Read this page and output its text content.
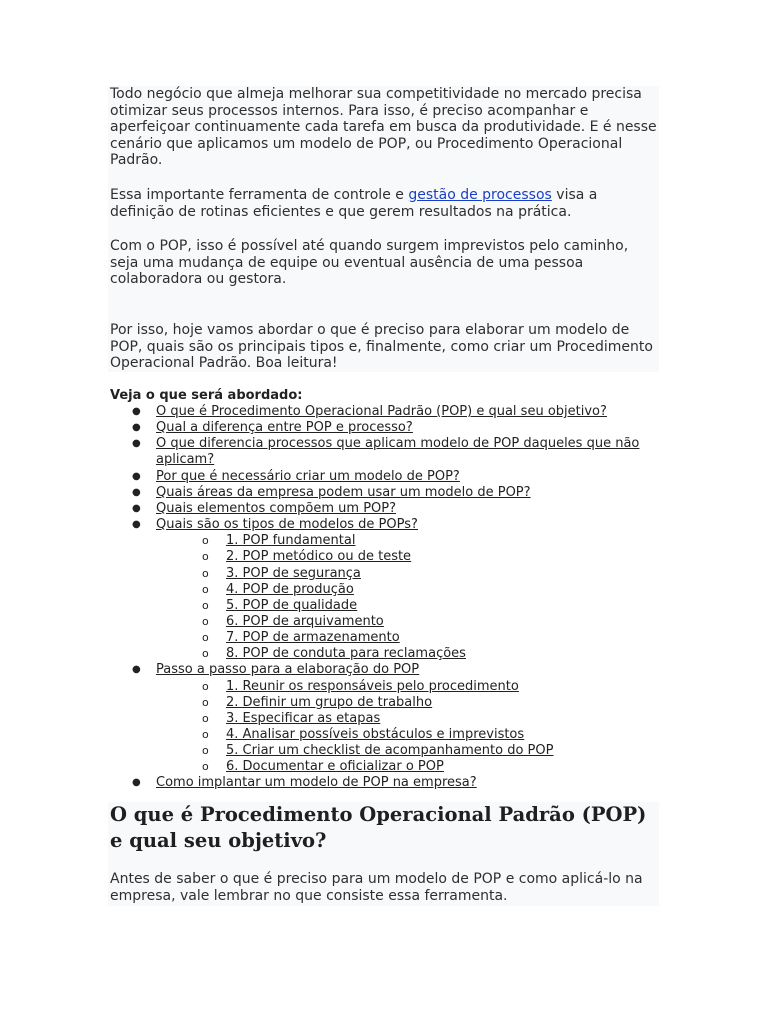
Todo negócio que almeja melhorar sua competitividade no mercado precisa otimizar seus processos internos. Para isso, é preciso acompanhar e aperfeiçoar continuamente cada tarefa em busca da produtividade. E é nesse cenário que aplicamos um modelo de POP, ou Procedimento Operacional Padrão.

Essa importante ferramenta de controle e gestão de processos visa a definição de rotinas eficientes e que gerem resultados na prática.

Com o POP, isso é possível até quando surgem imprevistos pelo caminho, seja uma mudança de equipe ou eventual ausência de uma pessoa colaboradora ou gestora.

Por isso, hoje vamos abordar o que é preciso para elaborar um modelo de POP, quais são os principais tipos e, finalmente, como criar um Procedimento Operacional Padrão. Boa leitura!

Veja o que será abordado:
● O que é Procedimento Operacional Padrão (POP) e qual seu objetivo?
● Qual a diferença entre POP e processo?
● O que diferencia processos que aplicam modelo de POP daqueles que não
aplicam?
● Por que é necessário criar um modelo de POP?
● Quais áreas da empresa podem usar um modelo de POP?
● Quais elementos compõem um POP?
● Quais são os tipos de modelos de POPs?
o 1. POP fundamental
o 2. POP metódico ou de teste
o 3. POP de segurança
o 4. POP de produção
o 5. POP de qualidade
o 6. POP de arquivamento
o 7. POP de armazenamento
o 8. POP de conduta para reclamações
● Passo a passo para a elaboração do POP
o 1. Reunir os responsáveis pelo procedimento
o 2. Definir um grupo de trabalho
o 3. Especificar as etapas
o 4. Analisar possíveis obstáculos e imprevistos
o 5. Criar um checklist de acompanhamento do POP
o 6. Documentar e oficializar o POP
● Como implantar um modelo de POP na empresa?
O que é Procedimento Operacional Padrão (POP) e qual seu objetivo?

Antes de saber o que é preciso para um modelo de POP e como aplicá-lo na empresa, vale lembrar no que consiste essa ferramenta.
